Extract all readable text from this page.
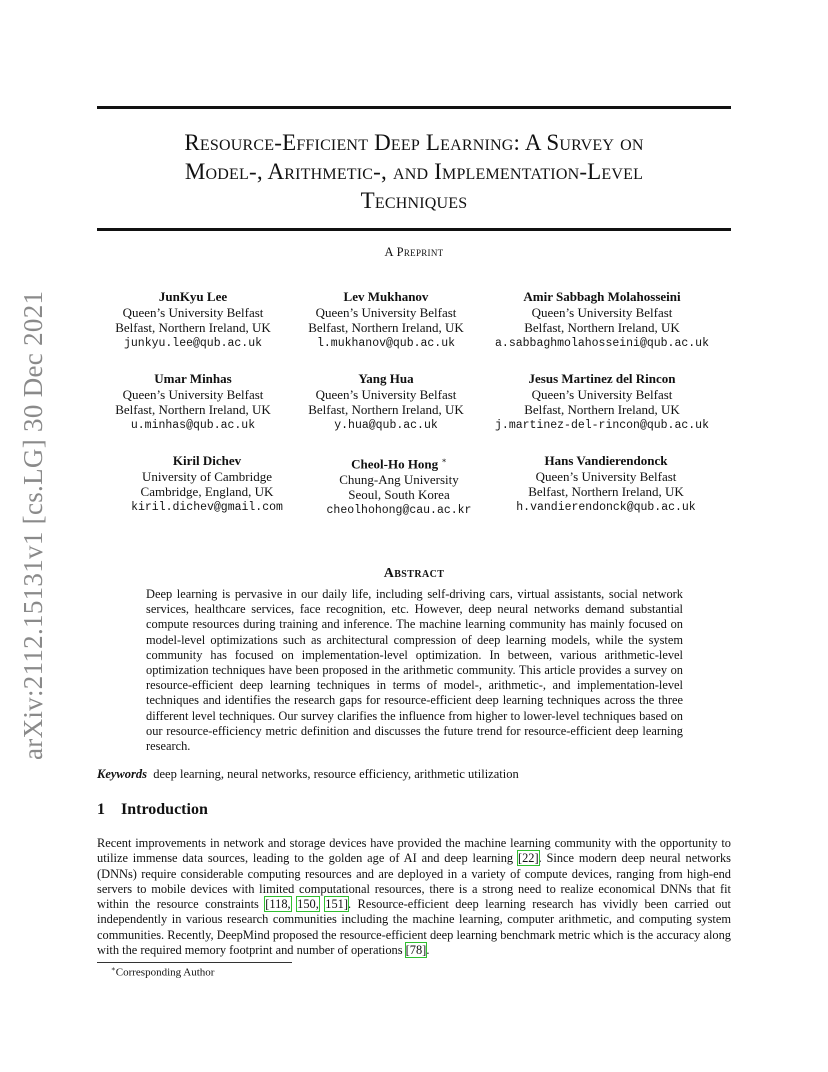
arXiv:2112.15131v1 [cs.LG] 30 Dec 2021
Resource-Efficient Deep Learning: A Survey on
Model-, Arithmetic-, and Implementation-Level
Techniques
A Preprint
JunKyu Lee
Queen’s University Belfast
Belfast, Northern Ireland, UK
junkyu.lee@qub.ac.uk
Lev Mukhanov
Queen’s University Belfast
Belfast, Northern Ireland, UK
l.mukhanov@qub.ac.uk
Amir Sabbagh Molahosseini
Queen’s University Belfast
Belfast, Northern Ireland, UK
a.sabbaghmolahosseini@qub.ac.uk
Umar Minhas
Queen’s University Belfast
Belfast, Northern Ireland, UK
u.minhas@qub.ac.uk
Yang Hua
Queen’s University Belfast
Belfast, Northern Ireland, UK
y.hua@qub.ac.uk
Jesus Martinez del Rincon
Queen’s University Belfast
Belfast, Northern Ireland, UK
j.martinez-del-rincon@qub.ac.uk
Kiril Dichev
University of Cambridge
Cambridge, England, UK
kiril.dichev@gmail.com
Cheol-Ho Hong ∗
Chung-Ang University
Seoul, South Korea
cheolhohong@cau.ac.kr
Hans Vandierendonck
Queen’s University Belfast
Belfast, Northern Ireland, UK
h.vandierendonck@qub.ac.uk
Abstract
Deep learning is pervasive in our daily life, including self-driving cars, virtual assistants, social network services, healthcare services, face recognition, etc. However, deep neural networks demand substantial compute resources during training and inference. The machine learning community has mainly focused on model-level optimizations such as architectural compression of deep learning models, while the system community has focused on implementation-level optimization. In between, various arithmetic-level optimization techniques have been proposed in the arithmetic community. This article provides a survey on resource-efficient deep learning techniques in terms of model-, arithmetic-, and implementation-level techniques and identifies the research gaps for resource-efficient deep learning techniques across the three different level techniques. Our survey clarifies the influence from higher to lower-level techniques based on our resource-efficiency metric definition and discusses the future trend for resource-efficient deep learning research.
Keywords deep learning, neural networks, resource efficiency, arithmetic utilization
1 Introduction
Recent improvements in network and storage devices have provided the machine learning community with the opportunity to utilize immense data sources, leading to the golden age of AI and deep learning [22]. Since modern deep neural networks (DNNs) require considerable computing resources and are deployed in a variety of compute devices, ranging from high-end servers to mobile devices with limited computational resources, there is a strong need to realize economical DNNs that fit within the resource constraints [118, 150, 151]. Resource-efficient deep learning research has vividly been carried out independently in various research communities including the machine learning, computer arithmetic, and computing system communities. Recently, DeepMind proposed the resource-efficient deep learning benchmark metric which is the accuracy along with the required memory footprint and number of operations [78].
∗Corresponding Author
